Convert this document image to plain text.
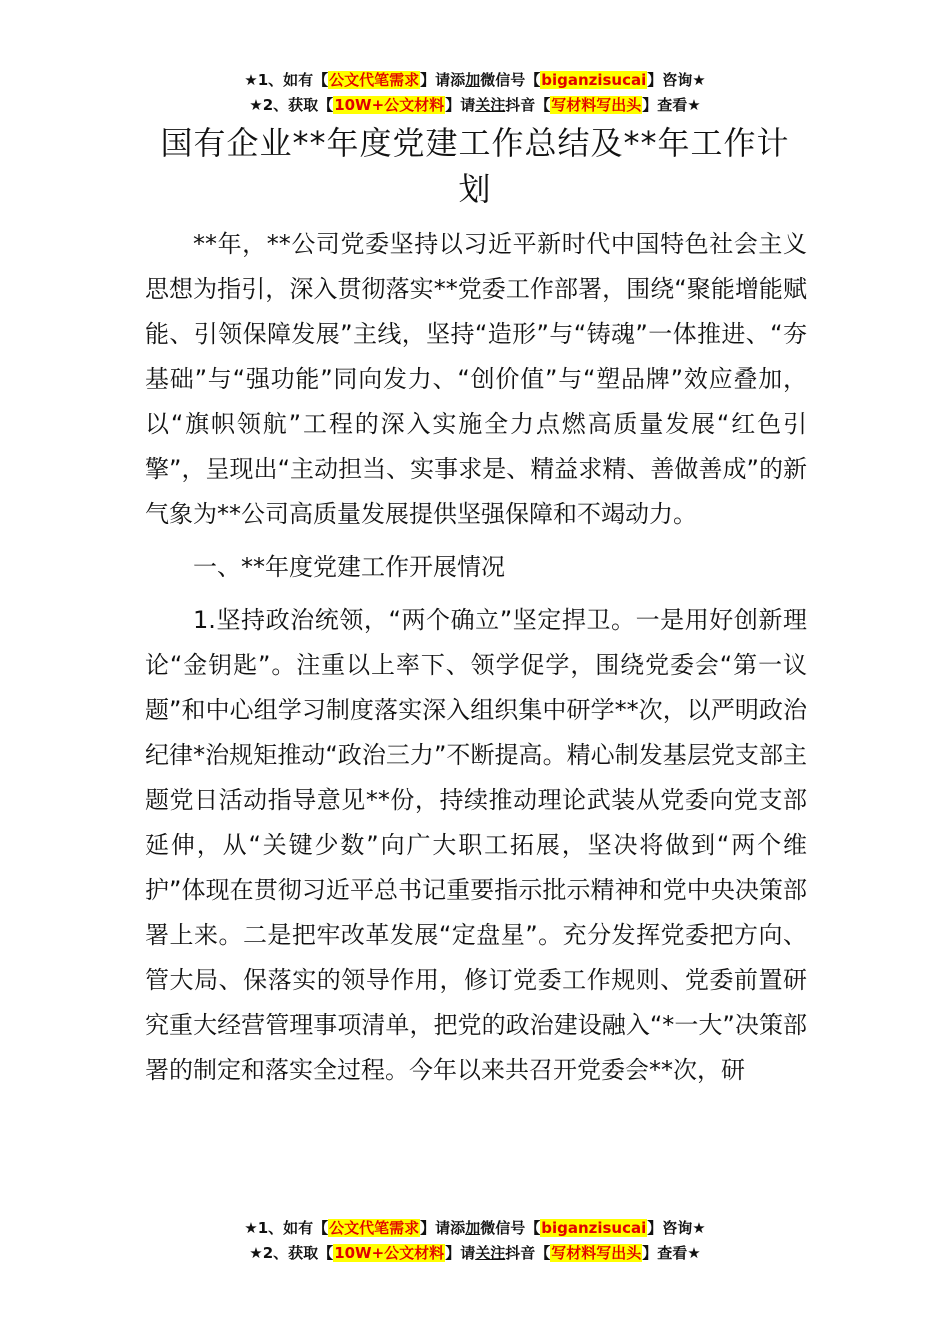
★1、如有【公文代笔需求】请添加微信号【biganzisucai】咨询★
★2、获取【10W+公文材料】请关注抖音【写材料写出头】查看★
国有企业**年度党建工作总结及**年工作计划

**年，**公司党委坚持以习近平新时代中国特色社会主义思想为指引，深入贯彻落实**党委工作部署，围绕“聚能增能赋能、引领保障发展”主线，坚持“造形”与“铸魂”一体推进、“夯基础”与“强功能”同向发力、“创价值”与“塑品牌”效应叠加，以“旗帜领航”工程的深入实施全力点燃高质量发展“红色引擎”，呈现出“主动担当、实事求是、精益求精、善做善成”的新气象为**公司高质量发展提供坚强保障和不竭动力。

一、**年度党建工作开展情况

1.坚持政治统领，“两个确立”坚定捍卫。一是用好创新理论“金钥匙”。注重以上率下、领学促学，围绕党委会“第一议题”和中心组学习制度落实深入组织集中研学**次，以严明政治纪律*治规矩推动“政治三力”不断提高。精心制发基层党支部主题党日活动指导意见**份，持续推动理论武装从党委向党支部延伸，从“关键少数”向广大职工拓展，坚决将做到“两个维护”体现在贯彻习近平总书记重要指示批示精神和党中央决策部署上来。二是把牢改革发展“定盘星”。充分发挥党委把方向、管大局、保落实的领导作用，修订党委工作规则、党委前置研究重大经营管理事项清单，把党的政治建设融入“*一大”决策部署的制定和落实全过程。今年以来共召开党委会**次，研

★1、如有【公文代笔需求】请添加微信号【biganzisucai】咨询★
★2、获取【10W+公文材料】请关注抖音【写材料写出头】查看★
